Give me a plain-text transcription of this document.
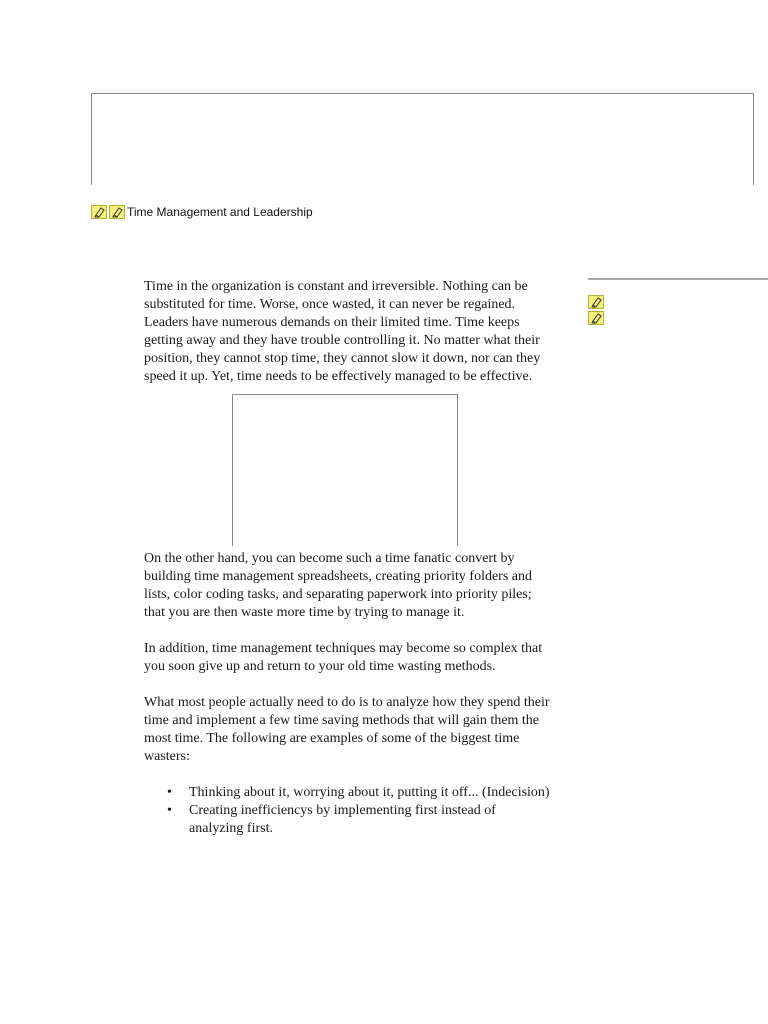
Time Management and Leadership

Time in the organization is constant and irreversible. Nothing can be substituted for time. Worse, once wasted, it can never be regained. Leaders have numerous demands on their limited time. Time keeps getting away and they have trouble controlling it. No matter what their position, they cannot stop time, they cannot slow it down, nor can they speed it up. Yet, time needs to be effectively managed to be effective.

On the other hand, you can become such a time fanatic convert by building time management spreadsheets, creating priority folders and lists, color coding tasks, and separating paperwork into priority piles; that you are then waste more time by trying to manage it.

In addition, time management techniques may become so complex that you soon give up and return to your old time wasting methods.

What most people actually need to do is to analyze how they spend their time and implement a few time saving methods that will gain them the most time. The following are examples of some of the biggest time wasters:

• Thinking about it, worrying about it, putting it off... (Indecision)
• Creating inefficiencys by implementing first instead of analyzing first.
